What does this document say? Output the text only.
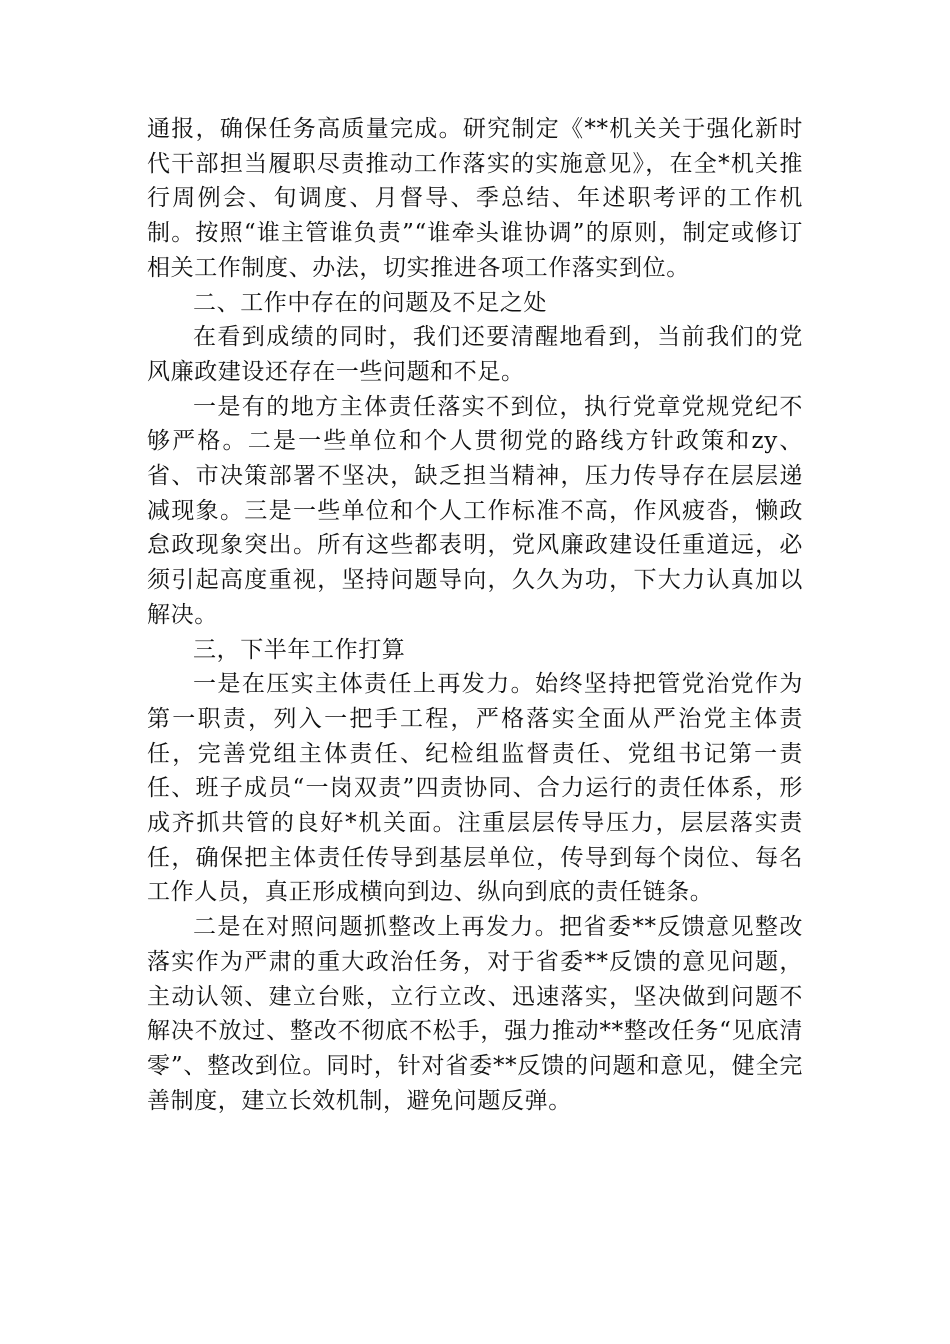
通报，确保任务高质量完成。研究制定《**机关关于强化新时代干部担当履职尽责推动工作落实的实施意见》，在全*机关推行周例会、旬调度、月督导、季总结、年述职考评的工作机制。按照“谁主管谁负责”“谁牵头谁协调”的原则，制定或修订相关工作制度、办法，切实推进各项工作落实到位。

二、工作中存在的问题及不足之处

在看到成绩的同时，我们还要清醒地看到，当前我们的党风廉政建设还存在一些问题和不足。

一是有的地方主体责任落实不到位，执行党章党规党纪不够严格。二是一些单位和个人贯彻党的路线方针政策和zy、省、市决策部署不坚决，缺乏担当精神，压力传导存在层层递减现象。三是一些单位和个人工作标准不高，作风疲沓，懒政怠政现象突出。所有这些都表明，党风廉政建设任重道远，必须引起高度重视，坚持问题导向，久久为功，下大力认真加以解决。

三，下半年工作打算

一是在压实主体责任上再发力。始终坚持把管党治党作为第一职责，列入一把手工程，严格落实全面从严治党主体责任，完善党组主体责任、纪检组监督责任、党组书记第一责任、班子成员“一岗双责”四责协同、合力运行的责任体系，形成齐抓共管的良好*机关面。注重层层传导压力，层层落实责任，确保把主体责任传导到基层单位，传导到每个岗位、每名工作人员，真正形成横向到边、纵向到底的责任链条。

二是在对照问题抓整改上再发力。把省委**反馈意见整改落实作为严肃的重大政治任务，对于省委**反馈的意见问题，主动认领、建立台账，立行立改、迅速落实，坚决做到问题不解决不放过、整改不彻底不松手，强力推动**整改任务“见底清零”、整改到位。同时，针对省委**反馈的问题和意见，健全完善制度，建立长效机制，避免问题反弹。
